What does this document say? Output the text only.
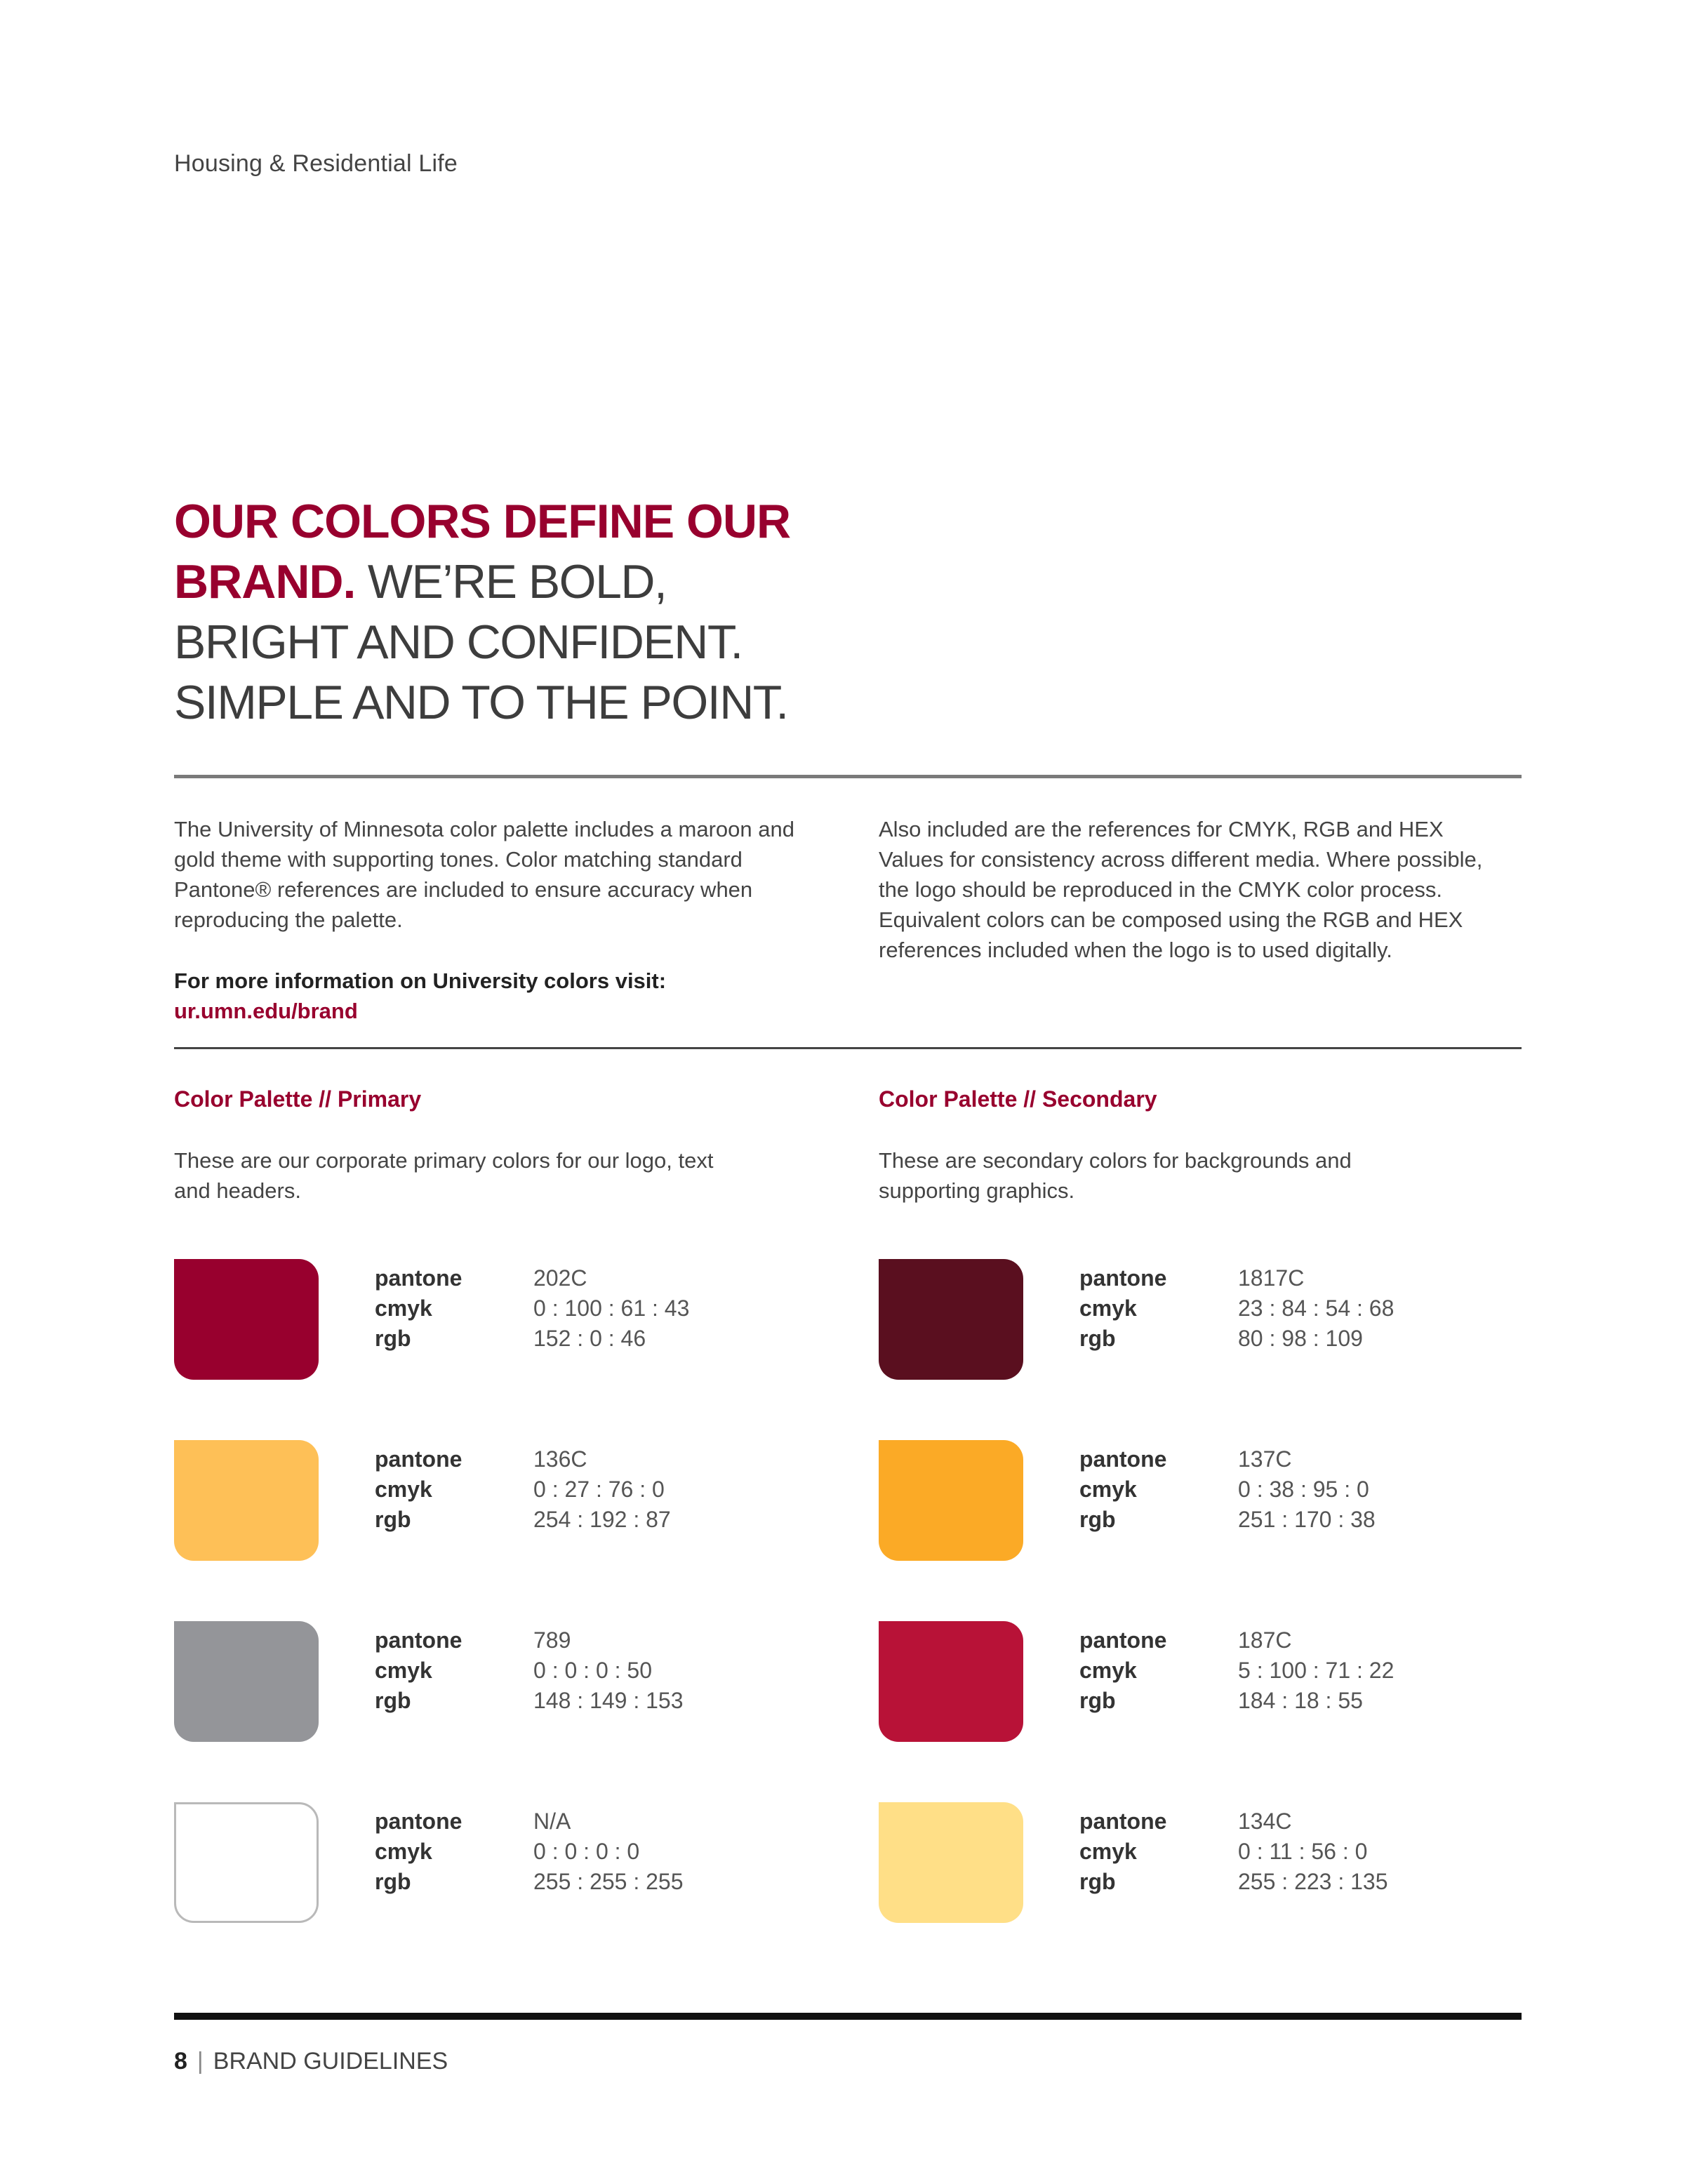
Housing & Residential Life
OUR COLORS DEFINE OUR
BRAND. WE’RE BOLD,
BRIGHT AND CONFIDENT.
SIMPLE AND TO THE POINT.

The University of Minnesota color palette includes a maroon and gold theme with supporting tones. Color matching standard Pantone® references are included to ensure accuracy when reproducing the palette.

Also included are the references for CMYK, RGB and HEX Values for consistency across different media. Where possible, the logo should be reproduced in the CMYK color process. Equivalent colors can be composed using the RGB and HEX references included when the logo is to used digitally.

For more information on University colors visit:
ur.umn.edu/brand
Color Palette // Primary

These are our corporate primary colors for our logo, text and headers.

Color Palette // Secondary

These are secondary colors for backgrounds and supporting graphics.

pantone
cmyk
rgb
202C
0 : 100 : 61 : 43
152 : 0 : 46
pantone
cmyk
rgb
136C
0 : 27 : 76 : 0
254 : 192 : 87
pantone
cmyk
rgb
789
0 : 0 : 0 : 50
148 : 149 : 153
pantone
cmyk
rgb
N/A
0 : 0 : 0 : 0
255 : 255 : 255
pantone
cmyk
rgb
1817C
23 : 84 : 54 : 68
80 : 98 : 109
pantone
cmyk
rgb
137C
0 : 38 : 95 : 0
251 : 170 : 38
pantone
cmyk
rgb
187C
5 : 100 : 71 : 22
184 : 18 : 55
pantone
cmyk
rgb
134C
0 : 11 : 56 : 0
255 : 223 : 135
8 | BRAND GUIDELINES
